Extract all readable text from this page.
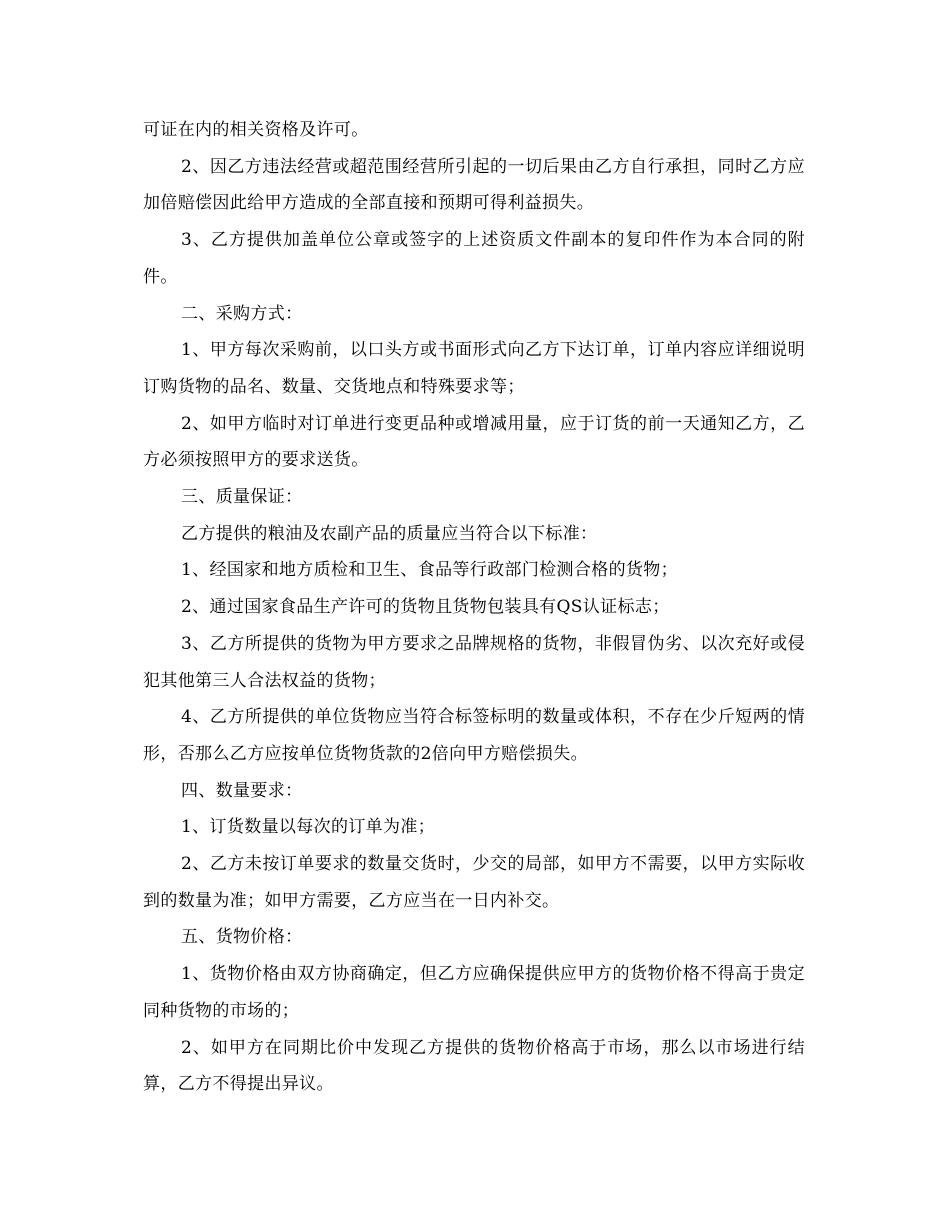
可证在内的相关资格及许可。

2、因乙方违法经营或超范围经营所引起的一切后果由乙方自行承担，同时乙方应加倍赔偿因此给甲方造成的全部直接和预期可得利益损失。

3、乙方提供加盖单位公章或签字的上述资质文件副本的复印件作为本合同的附件。

二、采购方式：

1、甲方每次采购前，以口头方或书面形式向乙方下达订单，订单内容应详细说明订购货物的品名、数量、交货地点和特殊要求等；

2、如甲方临时对订单进行变更品种或增减用量，应于订货的前一天通知乙方，乙方必须按照甲方的要求送货。

三、质量保证：

乙方提供的粮油及农副产品的质量应当符合以下标准：

1、经国家和地方质检和卫生、食品等行政部门检测合格的货物；

2、通过国家食品生产许可的货物且货物包装具有QS认证标志；

3、乙方所提供的货物为甲方要求之品牌规格的货物，非假冒伪劣、以次充好或侵犯其他第三人合法权益的货物；

4、乙方所提供的单位货物应当符合标签标明的数量或体积，不存在少斤短两的情形，否那么乙方应按单位货物货款的2倍向甲方赔偿损失。

四、数量要求：

1、订货数量以每次的订单为准；

2、乙方未按订单要求的数量交货时，少交的局部，如甲方不需要，以甲方实际收到的数量为准；如甲方需要，乙方应当在一日内补交。

五、货物价格：

1、货物价格由双方协商确定，但乙方应确保提供应甲方的货物价格不得高于贵定同种货物的市场的；

2、如甲方在同期比价中发现乙方提供的货物价格高于市场，那么以市场进行结算，乙方不得提出异议。
